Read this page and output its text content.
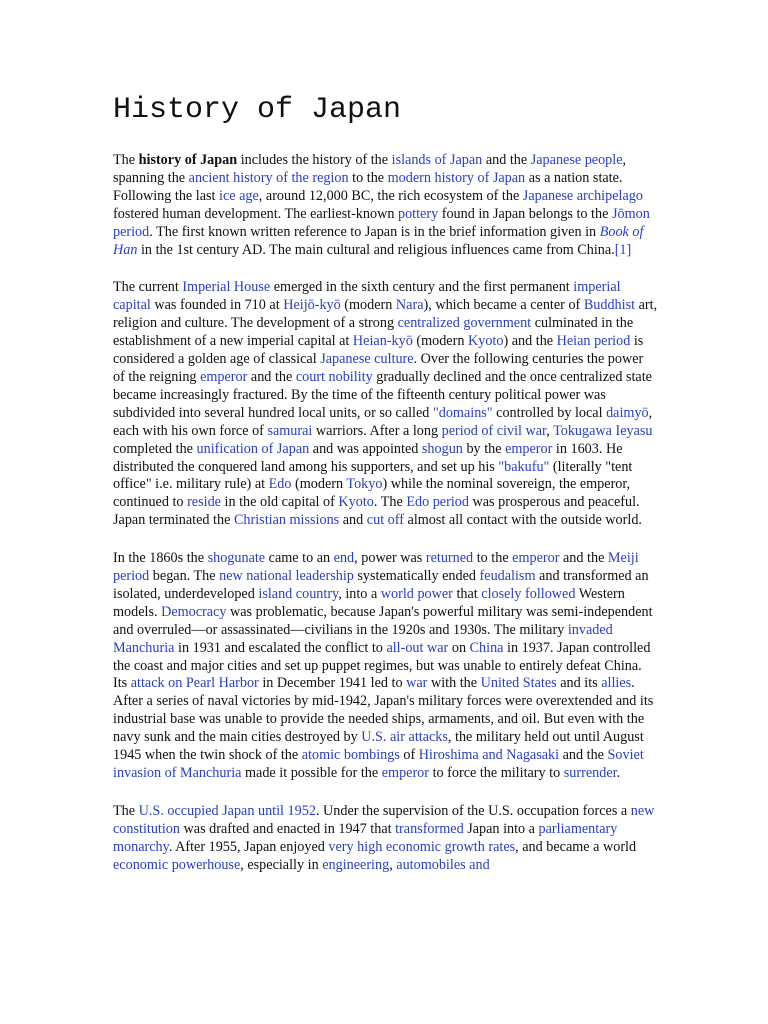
History of Japan

The history of Japan includes the history of the islands of Japan and the Japanese people, spanning the ancient history of the region to the modern history of Japan as a nation state. Following the last ice age, around 12,000 BC, the rich ecosystem of the Japanese archipelago fostered human development. The earliest-known pottery found in Japan belongs to the Jōmon period. The first known written reference to Japan is in the brief information given in Book of Han in the 1st century AD. The main cultural and religious influences came from China.[1]

The current Imperial House emerged in the sixth century and the first permanent imperial capital was founded in 710 at Heijō-kyō (modern Nara), which became a center of Buddhist art, religion and culture. The development of a strong centralized government culminated in the establishment of a new imperial capital at Heian-kyō (modern Kyoto) and the Heian period is considered a golden age of classical Japanese culture. Over the following centuries the power of the reigning emperor and the court nobility gradually declined and the once centralized state became increasingly fractured. By the time of the fifteenth century political power was subdivided into several hundred local units, or so called "domains" controlled by local daimyō, each with his own force of samurai warriors. After a long period of civil war, Tokugawa Ieyasu completed the unification of Japan and was appointed shogun by the emperor in 1603. He distributed the conquered land among his supporters, and set up his "bakufu" (literally "tent office" i.e. military rule) at Edo (modern Tokyo) while the nominal sovereign, the emperor, continued to reside in the old capital of Kyoto. The Edo period was prosperous and peaceful. Japan terminated the Christian missions and cut off almost all contact with the outside world.

In the 1860s the shogunate came to an end, power was returned to the emperor and the Meiji period began. The new national leadership systematically ended feudalism and transformed an isolated, underdeveloped island country, into a world power that closely followed Western models. Democracy was problematic, because Japan's powerful military was semi-independent and overruled—or assassinated—civilians in the 1920s and 1930s. The military invaded Manchuria in 1931 and escalated the conflict to all-out war on China in 1937. Japan controlled the coast and major cities and set up puppet regimes, but was unable to entirely defeat China. Its attack on Pearl Harbor in December 1941 led to war with the United States and its allies. After a series of naval victories by mid-1942, Japan's military forces were overextended and its industrial base was unable to provide the needed ships, armaments, and oil. But even with the navy sunk and the main cities destroyed by U.S. air attacks, the military held out until August 1945 when the twin shock of the atomic bombings of Hiroshima and Nagasaki and the Soviet invasion of Manchuria made it possible for the emperor to force the military to surrender.

The U.S. occupied Japan until 1952. Under the supervision of the U.S. occupation forces a new constitution was drafted and enacted in 1947 that transformed Japan into a parliamentary monarchy. After 1955, Japan enjoyed very high economic growth rates, and became a world economic powerhouse, especially in engineering, automobiles and
